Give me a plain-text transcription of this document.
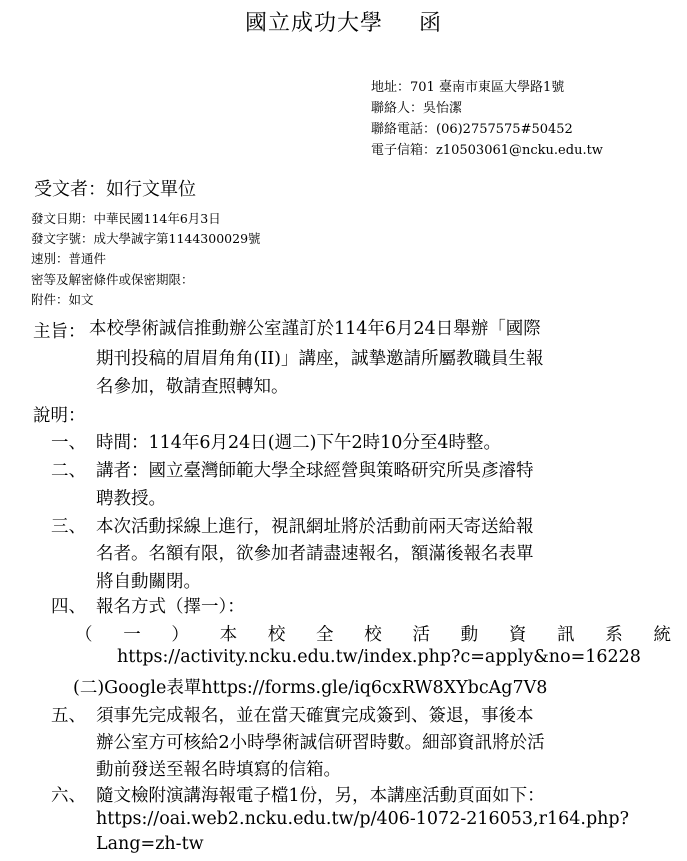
國立成功大學 函
地址：701 臺南市東區大學路1號
聯絡人：吳怡潔
聯絡電話：(06)2757575#50452
電子信箱：z10503061@ncku.edu.tw
受文者：如行文單位
發文日期：中華民國114年6月3日
發文字號：成大學誠字第1144300029號
速別：普通件
密等及解密條件或保密期限：
附件：如文
主旨： 本校學術誠信推動辦公室謹訂於114年6月24日舉辦「國際
期刊投稿的眉眉角角(II)」講座，誠摯邀請所屬教職員生報
名參加，敬請查照轉知。
說明：
一、 時間：114年6月24日(週二)下午2時10分至4時整。
二、 講者：國立臺灣師範大學全球經營與策略研究所吳彥濬特
聘教授。
三、 本次活動採線上進行，視訊網址將於活動前兩天寄送給報
名者。名額有限，欲參加者請盡速報名，額滿後報名表單
將自動關閉。
四、 報名方式（擇一）：
（一）本校全校活動資訊系統
https://activity.ncku.edu.tw/index.php?c=apply&no=16228
(二)Google表單https://forms.gle/iq6cxRW8XYbcAg7V8
五、 須事先完成報名，並在當天確實完成簽到、簽退，事後本
辦公室方可核給2小時學術誠信研習時數。細部資訊將於活
動前發送至報名時填寫的信箱。
六、 隨文檢附演講海報電子檔1份，另，本講座活動頁面如下：
https://oai.web2.ncku.edu.tw/p/406-1072-216053,r164.php?
Lang=zh-tw
